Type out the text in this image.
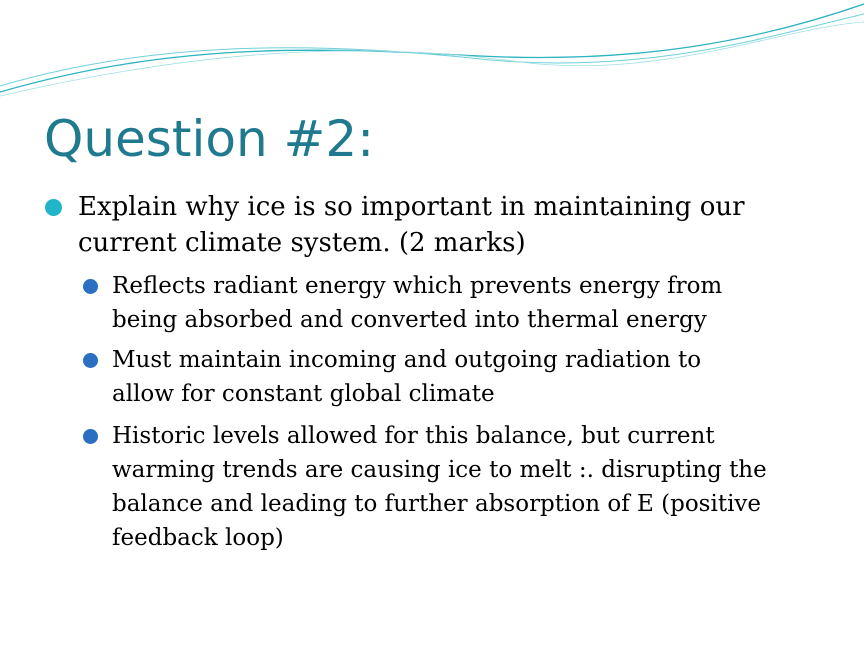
Question #2:
Explain why ice is so important in maintaining our
current climate system. (2 marks)
Reflects radiant energy which prevents energy from
being absorbed and converted into thermal energy
Must maintain incoming and outgoing radiation to
allow for constant global climate
Historic levels allowed for this balance, but current
warming trends are causing ice to melt :. disrupting the
balance and leading to further absorption of E (positive
feedback loop)
